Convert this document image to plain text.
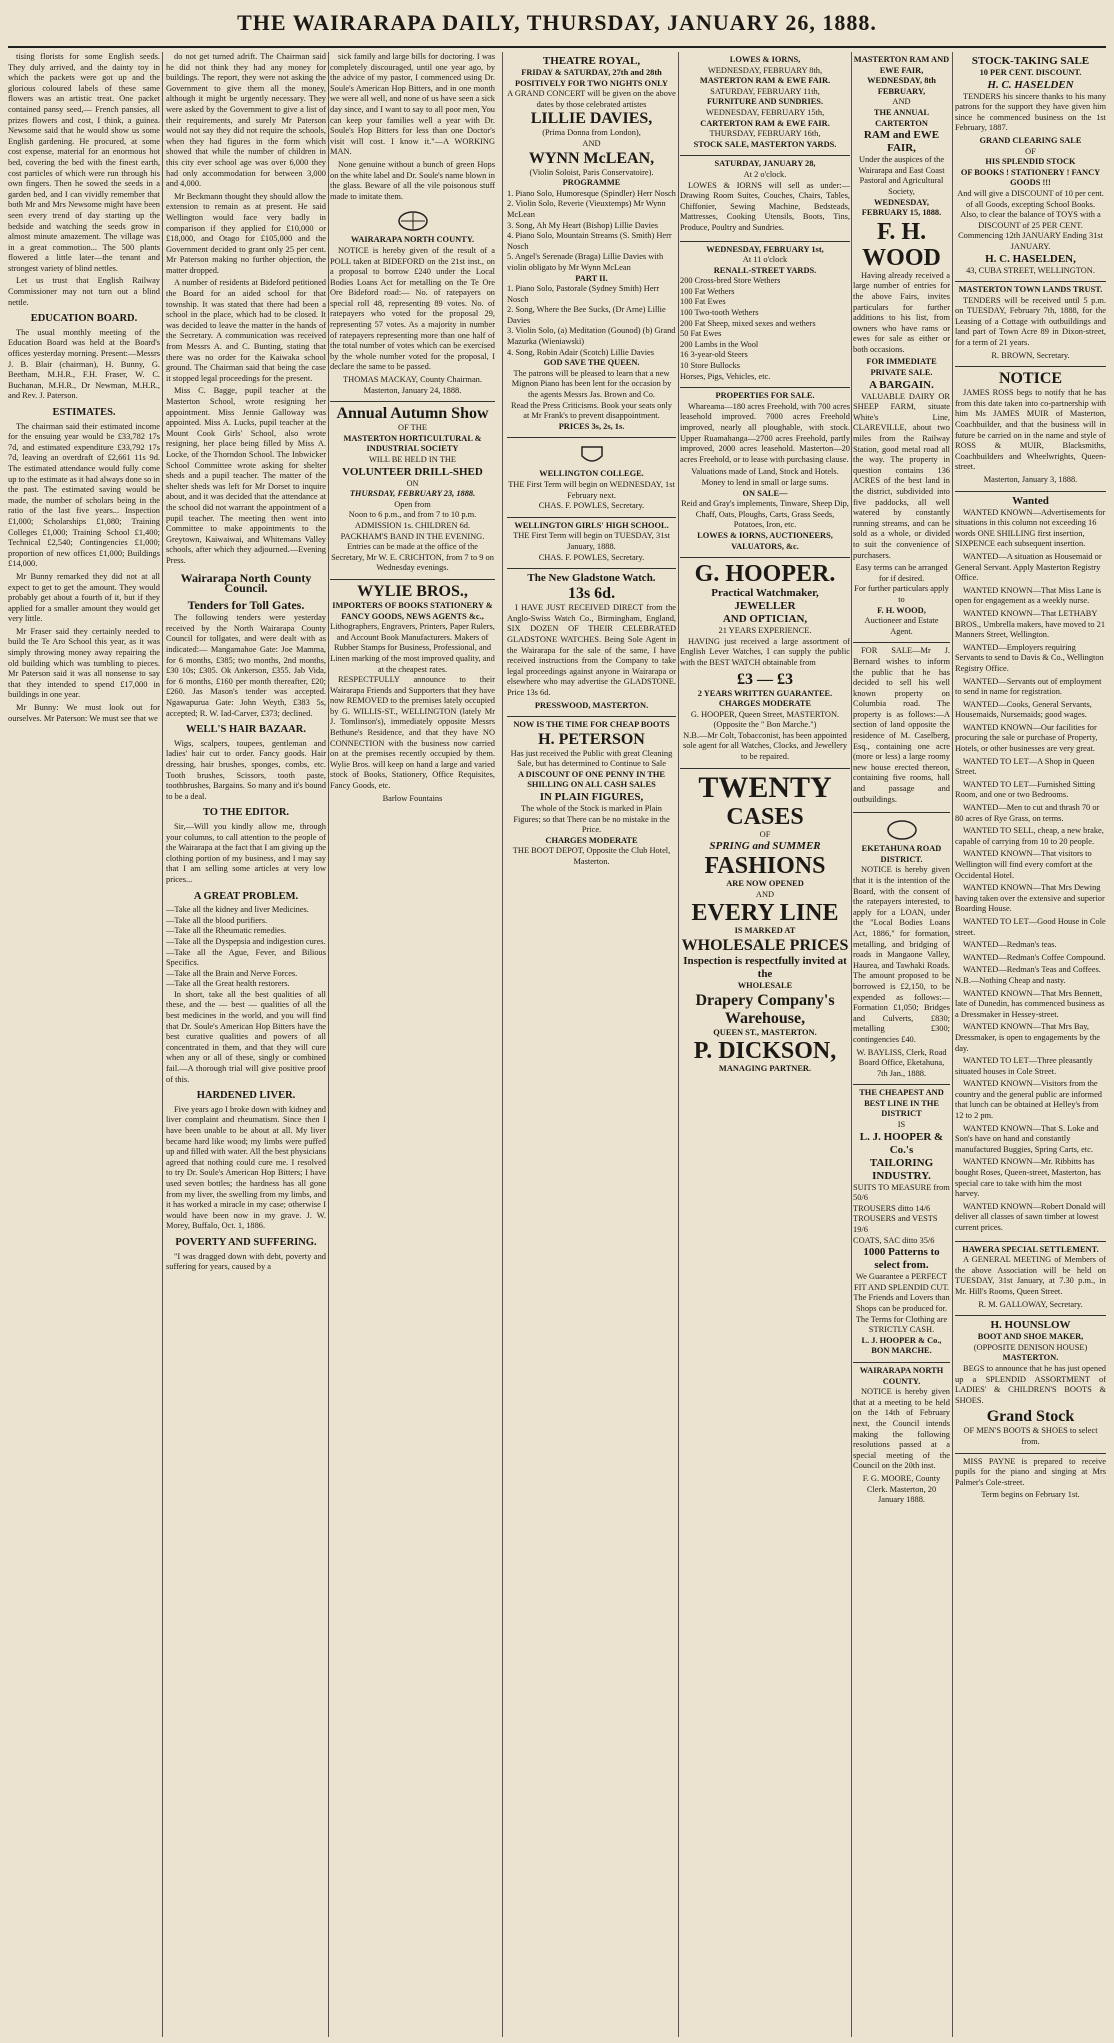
THE WAIRARAPA DAILY, THURSDAY, JANUARY 26, 1888.

tising florists for some English seeds. They duly arrived, and the dainty toy in which the packets were got up and the glorious coloured labels of these same flowers was an artistic treat. One packet contained pansy seed,— French pansies, all prizes flowers and cost, I think, a guinea. Newsome said that he would show us some English gardening. He procured, at some cost expense, material for an enormous hot bed, covering the bed with the finest earth, cost particles of which were run through his own fingers. Then he sowed the seeds in a garden bed, and I can vividly remember that both Mr and Mrs Newsome might have been seen every trend of day starting up the bedside and watching the seeds grow in almost minute amazement. The village was in a great commotion... The 500 plants flowered a little later—the tenant and strongest variety of blind nettles.

Let us trust that English Railway Commissioner may not turn out a blind nettle.

EDUCATION BOARD.

The usual monthly meeting of the Education Board was held at the Board's offices yesterday morning. Present:—Messrs J. B. Blair (chairman), H. Bunny, G. Beetham, M.H.R., F.H. Fraser, W. C. Buchanan, M.H.R., Dr Newman, M.H.R., and Rev. J. Paterson.

ESTIMATES.

The chairman said their estimated income for the ensuing year would be £33,782 17s 7d, and estimated expenditure £33,792 17s 7d, leaving an overdraft of £2,661 11s 9d. The estimated attendance would fully come up to the estimate as it had always done so in the past. The estimated saving would be made, the number of scholars being in the ratio of the last five years... Inspection £1,000; Scholarships £1,080; Training Colleges £1,000; Training School £1,400; Technical £2,540; Contingencies £1,000; proportion of new offices £1,000; Buildings £14,000.

Mr Bunny remarked they did not at all expect to get to get the amount. They would probably get about a fourth of it, but if they applied for a smaller amount they would get very little.

Mr Fraser said they certainly needed to build the Te Aro School this year, as it was simply throwing money away repairing the old building which was tumbling to pieces. Mr Paterson said it was all nonsense to say that they intended to spend £17,000 in buildings in one year.

Mr Bunny: We must look out for ourselves. Mr Paterson: We must see that we

do not get turned adrift. The Chairman said he did not think they had any money for buildings. The report, they were not asking the Government to give them all the money, although it might be urgently necessary. They were asked by the Government to give a list of their requirements, and surely Mr Paterson would not say they did not require the schools, when they had figures in the form which showed that while the number of children in this city ever school age was over 6,000 they had only accommodation for between 3,000 and 4,000.

Mr Beckmann thought they should allow the extension to remain as at present. He said Wellington would face very badly in comparison if they applied for £10,000 or £18,000, and Otago for £105,000 and the Government decided to grant only 25 per cent. Mr Paterson making no further objection, the matter dropped.

A number of residents at Bideford petitioned the Board for an aided school for that township. It was stated that there had been a school in the place, which had to be closed. It was decided to leave the matter in the hands of the Secretary. A communication was received from Messrs A. and C. Bunting, stating that there was no order for the Kaiwaka school ground. The Chairman said that being the case it stopped legal proceedings for the present.

Miss C. Bagge, pupil teacher at the Masterton School, wrote resigning her appointment. Miss Jennie Galloway was appointed. Miss A. Lucks, pupil teacher at the Mount Cook Girls' School, also wrote resigning, her place being filled by Miss A. Locke, of the Thorndon School. The Inbwicker School Committee wrote asking for shelter sheds and a pupil teacher. The matter of the shelter sheds was left for Mr Dorset to inquire about, and it was decided that the attendance at the school did not warrant the appointment of a pupil teacher. The meeting then went into Committee to make appointments to the Greytown, Kaiwaiwai, and Whitemans Valley schools, after which they adjourned.—Evening Press.

Wairarapa North County Council.
Tenders for Toll Gates.

The following tenders were yesterday received by the North Wairarapa County Council for tollgates, and were dealt with as indicated:— Mangamahoe Gate: Joe Mamma, for 6 months, £385; two months, 2nd months, £30 10s; £305. Ok Ankerson, £355. Jab Vida, for 6 months, £160 per month thereafter, £20; £260. Jas Mason's tender was accepted. Ngawapurua Gate: John Weyth, £383 5s, accepted; R. W. Iad-Carver, £373; declined.

WELL'S HAIR BAZAAR.

Wigs, scalpers, toupees, gentleman and ladies' hair cut to order. Fancy goods. Hair dressing, hair brushes, sponges, combs, etc. Tooth brushes, Scissors, tooth paste, toothbrushes, Bargains. So many and it's bound to be a deal.

TO THE EDITOR.

Sir,—Will you kindly allow me, through your columns, to call attention to the people of the Wairarapa at the fact that I am giving up the clothing portion of my business, and I may say that I am selling some articles at very low prices...

A GREAT PROBLEM.
—Take all the kidney and liver Medicines.
—Take all the blood purifiers.
—Take all the Rheumatic remedies.
—Take all the Dyspepsia and indigestion cures.
—Take all the Ague, Fever, and Bilious Specifics.
—Take all the Brain and Nerve Forces.
—Take all the Great health restorers.

In short, take all the best qualities of all these, and the — best — qualities of all the best medicines in the world, and you will find that Dr. Soule's American Hop Bitters have the best curative qualities and powers of all concentrated in them, and that they will cure when any or all of these, singly or combined fail.—A thorough trial will give positive proof of this.

HARDENED LIVER.

Five years ago I broke down with kidney and liver complaint and rheumatism. Since then I have been unable to be about at all. My liver became hard like wood; my limbs were puffed up and filled with water. All the best physicians agreed that nothing could cure me. I resolved to try Dr. Soule's American Hop Bitters; I have used seven bottles; the hardness has all gone from my liver, the swelling from my limbs, and it has worked a miracle in my case; otherwise I would have been now in my grave. J. W. Morey, Buffalo, Oct. 1, 1886.

POVERTY AND SUFFERING.

"I was dragged down with debt, poverty and suffering for years, caused by a

sick family and large bills for doctoring. I was completely discouraged, until one year ago, by the advice of my pastor, I commenced using Dr. Soule's American Hop Bitters, and in one month we were all well, and none of us have seen a sick day since, and I want to say to all poor men, You can keep your families well a year with Dr. Soule's Hop Bitters for less than one Doctor's visit will cost. I know it."—A WORKING MAN.

None genuine without a bunch of green Hops on the white label and Dr. Soule's name blown in the glass. Beware of all the vile poisonous stuff made to imitate them.

WAIRARAPA NORTH COUNTY.

NOTICE is hereby given of the result of a POLL taken at BIDEFORD on the 21st inst., on a proposal to borrow £240 under the Local Bodies Loans Act for metalling on the Te Ore Ore Bideford road:— No. of ratepayers on special roll 48, representing 89 votes. No. of ratepayers who voted for the proposal 29, representing 57 votes. As a majority in number of ratepayers representing more than one half of the total number of votes which can be exercised by the whole number voted for the proposal, I declare the same to be passed.

THOMAS MACKAY, County Chairman. Masterton, January 24, 1888.
Annual Autumn Show
OF THE
MASTERTON HORTICULTURAL & INDUSTRIAL SOCIETY
WILL BE HELD IN THE
VOLUNTEER DRILL-SHED
ON
THURSDAY, FEBRUARY 23, 1888.
Open from
Noon to 6 p.m., and from 7 to 10 p.m.
ADMISSION 1s. CHILDREN 6d.
PACKHAM'S BAND IN THE EVENING.
Entries can be made at the office of the Secretary, Mr W. E. CRICHTON, from 7 to 9 on Wednesday evenings.
WYLIE BROS.,
IMPORTERS OF BOOKS STATIONERY & FANCY GOODS, NEWS AGENTS &c.,
Lithographers, Engravers, Printers, Paper Rulers, and Account Book Manufacturers. Makers of Rubber Stamps for Business, Professional, and Linen marking of the most improved quality, and at the cheapest rates.

RESPECTFULLY announce to their Wairarapa Friends and Supporters that they have now REMOVED to the premises lately occupied by G. WILLIS-ST., WELLINGTON (lately Mr J. Tomlinson's), immediately opposite Messrs Bethune's Residence, and that they have NO CONNECTION with the business now carried on at the premises recently occupied by them. Wylie Bros. will keep on hand a large and varied stock of Books, Stationery, Office Requisites, Fancy Goods, etc.

Barlow Fountains
THEATRE ROYAL,
FRIDAY & SATURDAY, 27th and 28th
POSITIVELY FOR TWO NIGHTS ONLY
A GRAND CONCERT will be given on the above dates by those celebrated artistes
LILLIE DAVIES,
(Prima Donna from London),
AND
WYNN McLEAN,
(Violin Soloist, Paris Conservatoire).
PROGRAMME
1. Piano Solo, Humoresque (Spindler) Herr Nosch
2. Violin Solo, Reverie (Vieuxtemps) Mr Wynn McLean
3. Song, Ah My Heart (Bishop) Lillie Davies
4. Piano Solo, Mountain Streams (S. Smith) Herr Nosch
5. Angel's Serenade (Braga) Lillie Davies with violin obligato by Mr Wynn McLean
PART II.
1. Piano Solo, Pastorale (Sydney Smith) Herr Nosch
2. Song, Where the Bee Sucks, (Dr Arne) Lillie Davies
3. Violin Solo, (a) Meditation (Gounod) (b) Grand Mazurka (Wieniawski)
4. Song, Robin Adair (Scotch) Lillie Davies
GOD SAVE THE QUEEN.
The patrons will be pleased to learn that a new Mignon Piano has been lent for the occasion by the agents Messrs Jas. Brown and Co.
Read the Press Criticisms. Book your seats only at Mr Frank's to prevent disappointment.
PRICES 3s, 2s, 1s.
WELLINGTON COLLEGE.
THE First Term will begin on WEDNESDAY, 1st February next.
CHAS. F. POWLES, Secretary.
WELLINGTON GIRLS' HIGH SCHOOL.
THE First Term will begin on TUESDAY, 31st January, 1888.
CHAS. F. POWLES, Secretary.
The New Gladstone Watch.
13s 6d.

I HAVE JUST RECEIVED DIRECT from the Anglo-Swiss Watch Co., Birmingham, England, SIX DOZEN OF THEIR CELEBRATED GLADSTONE WATCHES. Being Sole Agent in the Wairarapa for the sale of the same, I have received instructions from the Company to take legal proceedings against anyone in Wairarapa or elsewhere who may advertise the GLADSTONE. Price 13s 6d.

PRESSWOOD, MASTERTON.
NOW IS THE TIME FOR CHEAP BOOTS
H. PETERSON
Has just received the Public with great Cleaning Sale, but has determined to Continue to Sale
A DISCOUNT OF ONE PENNY IN THE SHILLING ON ALL CASH SALES
IN PLAIN FIGURES,
The whole of the Stock is marked in Plain Figures; so that There can be no mistake in the Price.
CHARGES MODERATE
THE BOOT DEPOT, Opposite the Club Hotel, Masterton.
LOWES & IORNS,
WEDNESDAY, FEBRUARY 8th,
MASTERTON RAM & EWE FAIR.
SATURDAY, FEBRUARY 11th,
FURNITURE AND SUNDRIES.
WEDNESDAY, FEBRUARY 15th,
CARTERTON RAM & EWE FAIR.
THURSDAY, FEBRUARY 16th,
STOCK SALE, MASTERTON YARDS.
SATURDAY, JANUARY 28,
At 2 o'clock.

LOWES & IORNS will sell as under:— Drawing Room Suites, Couches, Chairs, Tables, Chiffonier, Sewing Machine, Bedsteads, Mattresses, Cooking Utensils, Boots, Tins, Produce, Poultry and Sundries.

WEDNESDAY, FEBRUARY 1st,
At 11 o'clock
RENALL-STREET YARDS.
200 Cross-bred Store Wethers
100 Fat Wethers
100 Fat Ewes
100 Two-tooth Wethers
200 Fat Sheep, mixed sexes and wethers
50 Fat Ewes
200 Lambs in the Wool
16 3-year-old Steers
10 Store Bullocks
Horses, Pigs, Vehicles, etc.
PROPERTIES FOR SALE.

Whareama—180 acres Freehold, with 700 acres leasehold improved. 7000 acres Freehold improved, nearly all ploughable, with stock. Upper Ruamahanga—2700 acres Freehold, partly improved, 2000 acres leasehold. Masterton—20 acres Freehold, or to lease with purchasing clause.

Valuations made of Land, Stock and Hotels.
Money to lend in small or large sums.
ON SALE—
Reid and Gray's implements, Tinware, Sheep Dip, Chaff, Oats, Ploughs, Carts, Grass Seeds, Potatoes, Iron, etc.
LOWES & IORNS, AUCTIONEERS, VALUATORS, &c.
G. HOOPER.
Practical Watchmaker,
JEWELLER
AND OPTICIAN,
21 YEARS EXPERIENCE.

HAVING just received a large assortment of English Lever Watches, I can supply the public with the BEST WATCH obtainable from

£3 — £3
2 YEARS WRITTEN GUARANTEE.
CHARGES MODERATE
G. HOOPER, Queen Street, MASTERTON.
(Opposite the " Bon Marche.")
N.B.—Mr Colt, Tobacconist, has been appointed sole agent for all Watches, Clocks, and Jewellery to be repaired.
TWENTY
CASES
OF
SPRING and SUMMER
FASHIONS
ARE NOW OPENED
AND
EVERY LINE
IS MARKED AT
WHOLESALE PRICES
Inspection is respectfully invited at the
WHOLESALE
Drapery Company's
Warehouse,
QUEEN ST., MASTERTON.
P. DICKSON,
MANAGING PARTNER.
MASTERTON RAM AND EWE FAIR,
WEDNESDAY, 8th FEBRUARY,
AND
THE ANNUAL CARTERTON
RAM and EWE FAIR,
Under the auspices of the Wairarapa and East Coast Pastoral and Agricultural Society,
WEDNESDAY, FEBRUARY 15, 1888.
F. H. WOOD

Having already received a large number of entries for the above Fairs, invites particulars for further additions to his list, from owners who have rams or ewes for sale as either or both occasions.

FOR IMMEDIATE PRIVATE SALE.
A BARGAIN.

VALUABLE DAIRY OR SHEEP FARM, situate White's Line, CLAREVILLE, about two miles from the Railway Station, good metal road all the way. The property in question contains 136 ACRES of the best land in the district, subdivided into five paddocks, all well watered by constantly running streams, and can be sold as a whole, or divided to suit the convenience of purchasers.

Easy terms can be arranged for if desired.
For further particulars apply to
F. H. WOOD,
Auctioneer and Estate Agent.

FOR SALE—Mr J. Bernard wishes to inform the public that he has decided to sell his well known property on Columbia road. The property is as follows:—A section of land opposite the residence of M. Caselberg, Esq., containing one acre (more or less) a large roomy new house erected thereon, containing five rooms, hall and passage and outbuildings.

EKETAHUNA ROAD DISTRICT.

NOTICE is hereby given that it is the intention of the Board, with the consent of the ratepayers interested, to apply for a LOAN, under the "Local Bodies Loans Act, 1886," for formation, metalling, and bridging of roads in Mangaone Valley, Haurea, and Tawhaki Roads. The amount proposed to be borrowed is £2,150, to be expended as follows:—Formation £1,050; Bridges and Culverts, £830; metalling £300; contingencies £40.

W. BAYLISS, Clerk, Road Board Office, Eketahuna, 7th Jan., 1888.
THE CHEAPEST AND BEST LINE IN THE DISTRICT
IS
L. J. HOOPER & Co.'s
TAILORING INDUSTRY.
SUITS TO MEASURE from 50/6
TROUSERS ditto 14/6
TROUSERS and VESTS 19/6
COATS, SAC ditto 35/6
1000 Patterns to select from.
We Guarantee a PERFECT FIT AND SPLENDID CUT.
The Friends and Lovers than Shops can be produced for.
The Terms for Clothing are STRICTLY CASH.
L. J. HOOPER & Co., BON MARCHE.
WAIRARAPA NORTH COUNTY.

NOTICE is hereby given that at a meeting to be held on the 14th of February next, the Council intends making the following resolutions passed at a special meeting of the Council on the 20th inst.

F. G. MOORE, County Clerk. Masterton, 20 January 1888.
STOCK-TAKING SALE
10 PER CENT. DISCOUNT.
H. C. HASELDEN

TENDERS his sincere thanks to his many patrons for the support they have given him since he commenced business on the 1st February, 1887.

GRAND CLEARING SALE
OF
HIS SPLENDID STOCK
OF BOOKS ! STATIONERY ! FANCY GOODS !!!
And will give a DISCOUNT of 10 per cent. of all Goods, excepting School Books.
Also, to clear the balance of TOYS with a DISCOUNT of 25 PER CENT.
Commencing 12th JANUARY Ending 31st JANUARY.
H. C. HASELDEN,
43, CUBA STREET, WELLINGTON.
MASTERTON TOWN LANDS TRUST.

TENDERS will be received until 5 p.m. on TUESDAY, February 7th, 1888, for the Leasing of a Cottage with outbuildings and land part of Town Acre 89 in Dixon-street, for a term of 21 years.

R. BROWN, Secretary.
NOTICE

JAMES ROSS begs to notify that he has from this date taken into co-partnership with him Ms JAMES MUIR of Masterton, Coachbuilder, and that the business will in future be carried on in the name and style of ROSS & MUIR, Blacksmiths, Coachbuilders and Wheelwrights, Queen-street.

Masterton, January 3, 1888.
Wanted

WANTED KNOWN—Advertisements for situations in this column not exceeding 16 words ONE SHILLING first insertion, SIXPENCE each subsequent insertion.

WANTED—A situation as Housemaid or General Servant. Apply Masterton Registry Office.

WANTED KNOWN—That Miss Lane is open for engagement as a weekly nurse.

WANTED KNOWN—That LETHABY BROS., Umbrella makers, have moved to 21 Manners Street, Wellington.

WANTED—Employers requiring Servants to send to Davis & Co., Wellington Registry Office.

WANTED—Servants out of employment to send in name for registration.

WANTED—Cooks, General Servants, Housemaids, Nursemaids; good wages.

WANTED KNOWN—Our facilities for procuring the sale or purchase of Property, Hotels, or other businesses are very great.

WANTED TO LET—A Shop in Queen Street.

WANTED TO LET—Furnished Sitting Room, and one or two Bedrooms.

WANTED—Men to cut and thrash 70 or 80 acres of Rye Grass, on terms.

WANTED TO SELL, cheap, a new brake, capable of carrying from 10 to 20 people.

WANTED KNOWN—That visitors to Wellington will find every comfort at the Occidental Hotel.

WANTED KNOWN—That Mrs Dewing having taken over the extensive and superior Boarding House.

WANTED TO LET—Good House in Cole street.

WANTED—Redman's teas.

WANTED—Redman's Coffee Compound.

WANTED—Redman's Teas and Coffees. N.B.—Nothing Cheap and nasty.

WANTED KNOWN—That Mrs Bennett, late of Dunedin, has commenced business as a Dressmaker in Hessey-street.

WANTED KNOWN—That Mrs Bay, Dressmaker, is open to engagements by the day.

WANTED TO LET—Three pleasantly situated houses in Cole Street.

WANTED KNOWN—Visitors from the country and the general public are informed that lunch can be obtained at Helley's from 12 to 2 pm.

WANTED KNOWN—That S. Loke and Son's have on hand and constantly manufactured Buggies, Spring Carts, etc.

WANTED KNOWN—Mr. Ribbitts has bought Roses, Queen-street, Masterton, has special care to take with him the most harvey.

WANTED KNOWN—Robert Donald will deliver all classes of sawn timber at lowest current prices.

HAWERA SPECIAL SETTLEMENT.

A GENERAL MEETING of Members of the above Association will be held on TUESDAY, 31st January, at 7.30 p.m., in Mr. Hill's Rooms, Queen Street.

R. M. GALLOWAY, Secretary.
H. HOUNSLOW
BOOT AND SHOE MAKER,
(OPPOSITE DENISON HOUSE)
MASTERTON.

BEGS to announce that he has just opened up a SPLENDID ASSORTMENT of LADIES' & CHILDREN'S BOOTS & SHOES.

Grand Stock
OF MEN'S BOOTS & SHOES to select from.

MISS PAYNE is prepared to receive pupils for the piano and singing at Mrs Palmer's Cole-street.

Term begins on February 1st.
